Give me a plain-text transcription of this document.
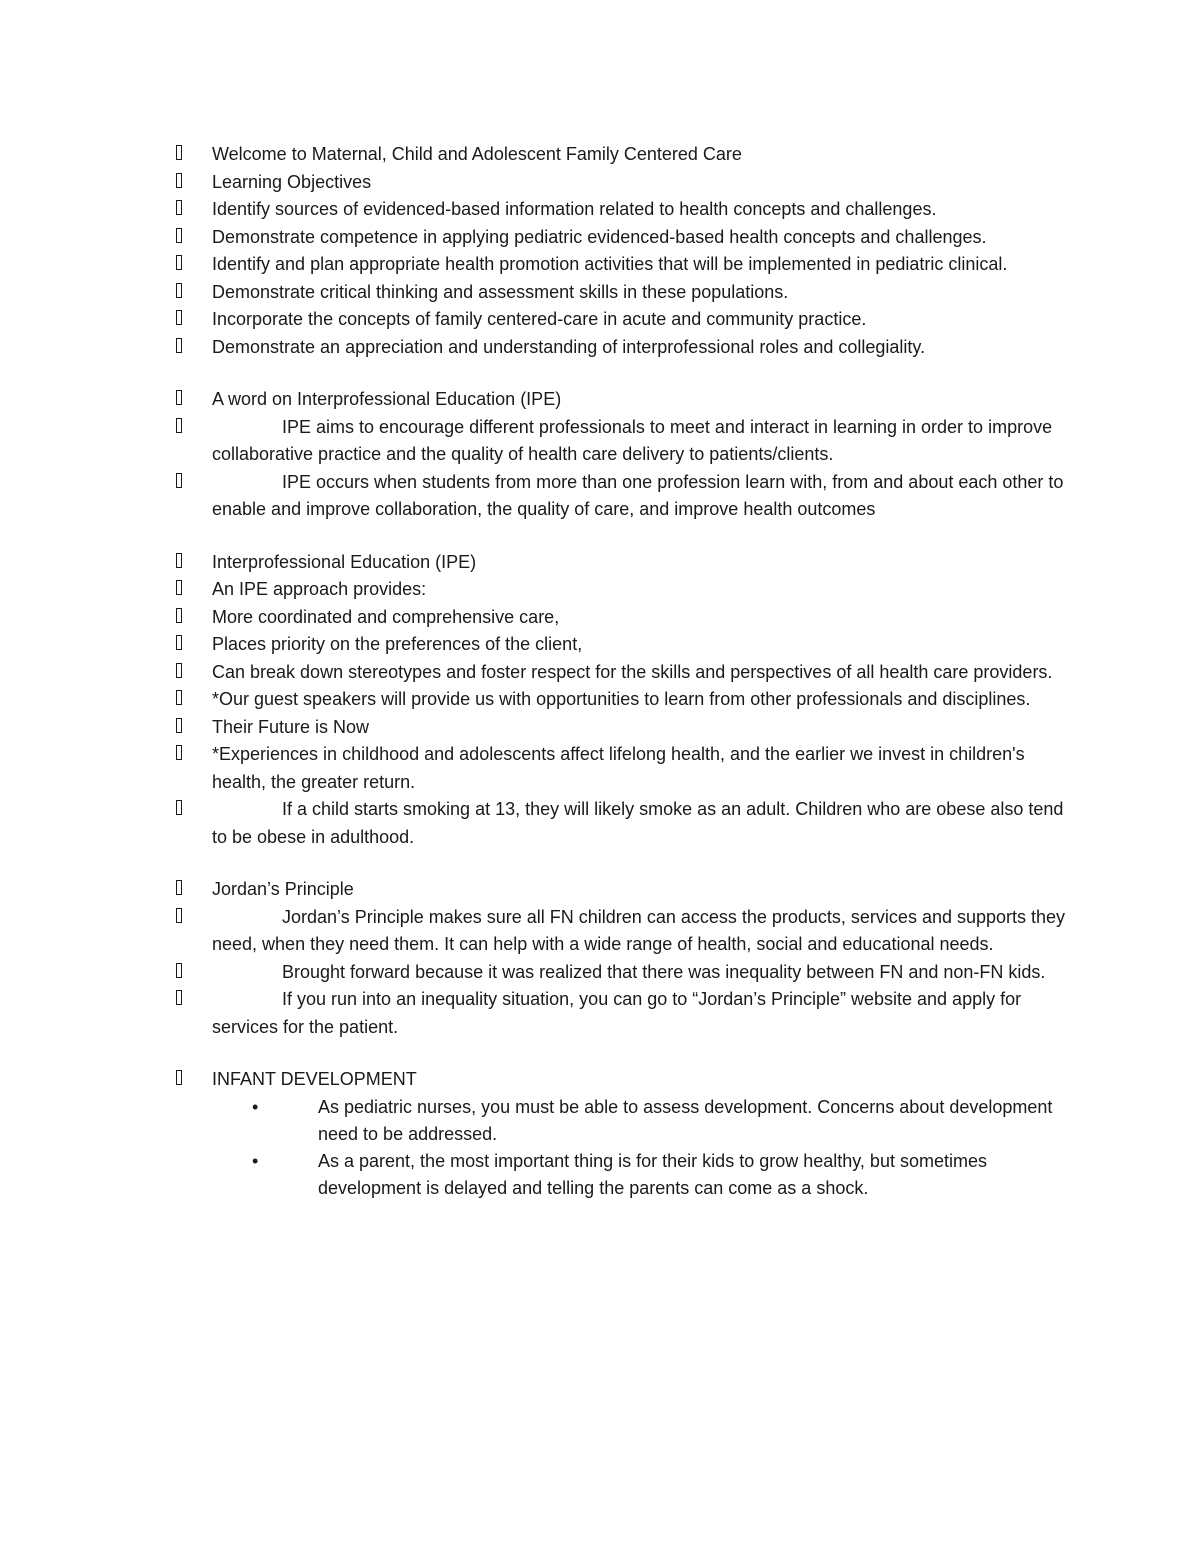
Welcome to Maternal, Child and Adolescent Family Centered Care

Learning Objectives

Identify sources of evidenced-based information related to health concepts and challenges.

Demonstrate competence in applying pediatric evidenced-based health concepts and challenges.

Identify and plan appropriate health promotion activities that will be implemented in pediatric clinical.

Demonstrate critical thinking and assessment skills in these populations.

Incorporate the concepts of family centered-care in acute and community practice.

Demonstrate an appreciation and understanding of interprofessional roles and collegiality.

A word on Interprofessional Education (IPE)

IPE aims to encourage different professionals to meet and interact in learning in order to improve collaborative practice and the quality of health care delivery to patients/clients.

IPE occurs when students from more than one profession learn with, from and about each other to enable and improve collaboration, the quality of care, and improve health outcomes

Interprofessional Education (IPE)

An IPE approach provides:

More coordinated and comprehensive care,

Places priority on the preferences of the client,

Can break down stereotypes and foster respect for the skills and perspectives of all health care providers.

*Our guest speakers will provide us with opportunities to learn from other professionals and disciplines.

Their Future is Now

*Experiences in childhood and adolescents affect lifelong health, and the earlier we invest in children's health, the greater return.

If a child starts smoking at 13, they will likely smoke as an adult. Children who are obese also tend to be obese in adulthood.

Jordan’s Principle

Jordan’s Principle makes sure all FN children can access the products, services and supports they need, when they need them. It can help with a wide range of health, social and educational needs.

Brought forward because it was realized that there was inequality between FN and non-FN kids.

If you run into an inequality situation, you can go to “Jordan’s Principle” website and apply for services for the patient.

INFANT DEVELOPMENT

•	As pediatric nurses, you must be able to assess development. Concerns about development need to be addressed.
•	As a parent, the most important thing is for their kids to grow healthy, but sometimes development is delayed and telling the parents can come as a shock.
